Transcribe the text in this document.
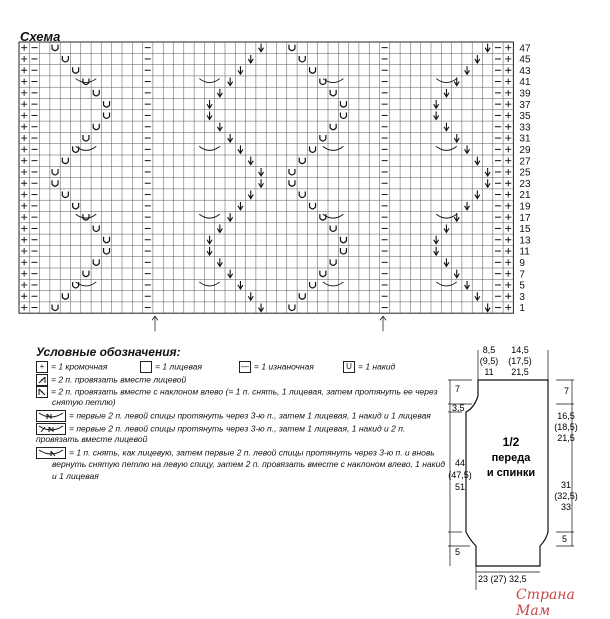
Схема
47
45
43
41
39
37
35
33
31
29
27
25
23
21
19
17
15
13
11
9
7
5
3
1
Условные обозначения:
+ = 1 кромочная	= 1 лицевая	— = 1 изнаночная	U = 1 накид
= 2 п. провязать вместе лицевой
= 2 п. провязать вместе с наклоном влево (= 1 п. снять, 1 лицевая, затем протянуть ее через
снятую петлю)
= первые 2 п. левой спицы протянуть через 3-ю п., затем 1 лицевая, 1 накид и 1 лицевая
= первые 2 п. левой спицы протянуть через 3-ю п., затем 1 лицевая, 1 накид и 2 п.
провязать вместе лицевой
= 1 п. снять, как лицевую, затем первые 2 п. левой спицы протянуть через 3-ю п. и вновь
вернуть снятую петлю на левую спицу, затем 2 п. провязать вместе с наклоном влево, 1 накид
и 1 лицевая
8,5
(9,5)
11
14,5
(17,5)
21,5
7
3,5
44
(47,5)
51
5
1/2
переда
и спинки
7
16,5
(18,5)
21,5
31
(32,5)
33
5
23 (27) 32,5
Страна Мам
